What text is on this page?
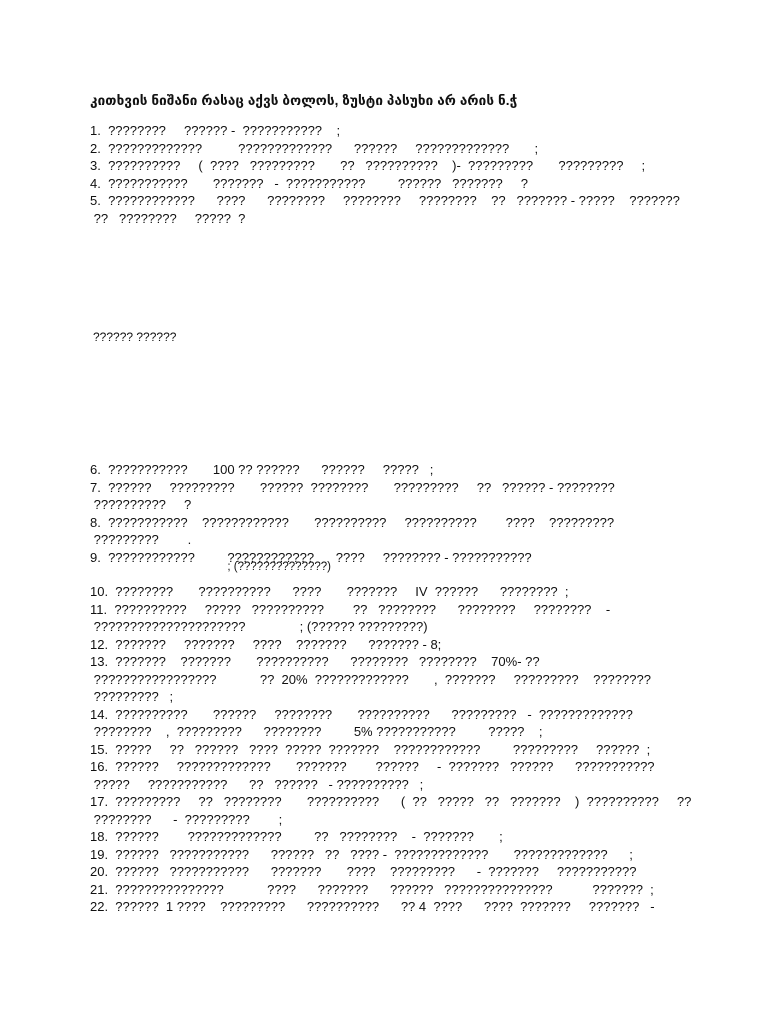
კითხვის ნიშანი რასაც აქვს ბოლოს, ზუსტი პასუხი არ არის ნ.ჭ
1.  ????????     ?????? -  ???????????    ;
2.  ?????????????          ?????????????      ??????     ?????????????       ;
3.  ??????????     (  ????   ?????????       ??   ??????????    )-  ?????????       ?????????     ;
4.  ???????????       ???????   -  ???????????         ??????   ???????     ?
5.  ????????????      ????      ????????     ????????     ????????    ??   ??????? - ?????    ???????
??   ????????     ?????  ?
?????? ??????
6.  ???????????       100 ?? ??????      ??????     ?????   ;
7.  ??????     ?????????       ??????  ????????       ?????????     ??   ?????? - ????????
??????????     ?
8.  ???????????    ????????????       ??????????     ??????????        ????    ?????????
?????????        .
9.  ????????????         ????????????      ????     ???????? - ???????????
; (??????????????)
10.  ????????       ??????????      ????       ???????     IV  ??????      ????????  ;
11.  ??????????     ?????   ??????????        ??   ????????      ????????     ????????    -
?????????????????????               ; (?????? ?????????)
12.  ???????     ???????     ????    ???????      ??????? - 8;
13.  ???????    ???????       ??????????      ????????   ????????    70%- ??
?????????????????            ??  20%  ?????????????       ,  ???????     ?????????    ????????
?????????   ;
14.  ??????????       ??????     ????????       ??????????      ?????????   -  ?????????????
????????    ,  ?????????      ????????         5% ???????????         ?????    ;
15.  ?????     ??   ??????   ????  ?????  ???????    ????????????         ?????????     ??????  ;
16.  ??????     ?????????????       ???????        ??????     -  ???????   ??????      ???????????
?????     ???????????      ??   ??????   - ??????????   ;
17.  ?????????     ??   ????????       ??????????      (  ??   ?????   ??   ???????    )  ??????????     ??
????????      -  ?????????        ;
18.  ??????        ?????????????         ??   ????????    -  ???????       ;
19.  ??????   ???????????      ??????   ??   ???? -  ?????????????       ?????????????      ;
20.  ??????   ???????????      ???????       ????    ?????????      -  ???????     ???????????
21.  ???????????????            ????      ???????      ??????   ???????????????           ???????  ;
22.  ??????  1 ????    ?????????      ??????????      ?? 4  ????      ????  ???????     ???????   -
